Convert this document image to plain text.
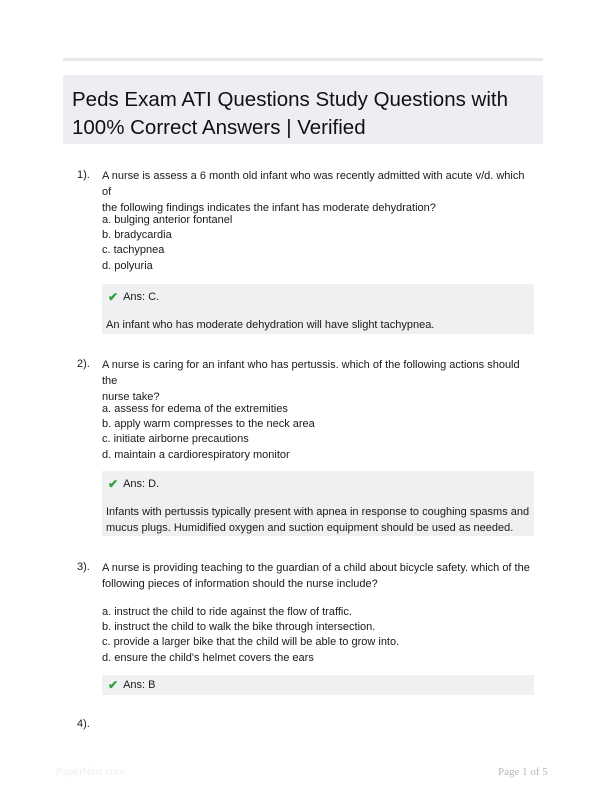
Peds Exam ATI Questions Study Questions with
100% Correct Answers | Verified
1). A nurse is assess a 6 month old infant who was recently admitted with acute v/d. which of
the following findings indicates the infant has moderate dehydration?
a. bulging anterior fontanel
b. bradycardia
c. tachypnea
d. polyuria
✔ Ans: C.
An infant who has moderate dehydration will have slight tachypnea.
2). A nurse is caring for an infant who has pertussis. which of the following actions should the
nurse take?
a. assess for edema of the extremities
b. apply warm compresses to the neck area
c. initiate airborne precautions
d. maintain a cardiorespiratory monitor
✔ Ans: D.
Infants with pertussis typically present with apnea in response to coughing spasms and
mucus plugs. Humidified oxygen and suction equipment should be used as needed.
3). A nurse is providing teaching to the guardian of a child about bicycle safety. which of the
following pieces of information should the nurse include?
a. instruct the child to ride against the flow of traffic.
b. instruct the child to walk the bike through intersection.
c. provide a larger bike that the child will be able to grow into.
d. ensure the child's helmet covers the ears
✔ Ans: B
4).
PaperNibs.com	Page 1 of 5
